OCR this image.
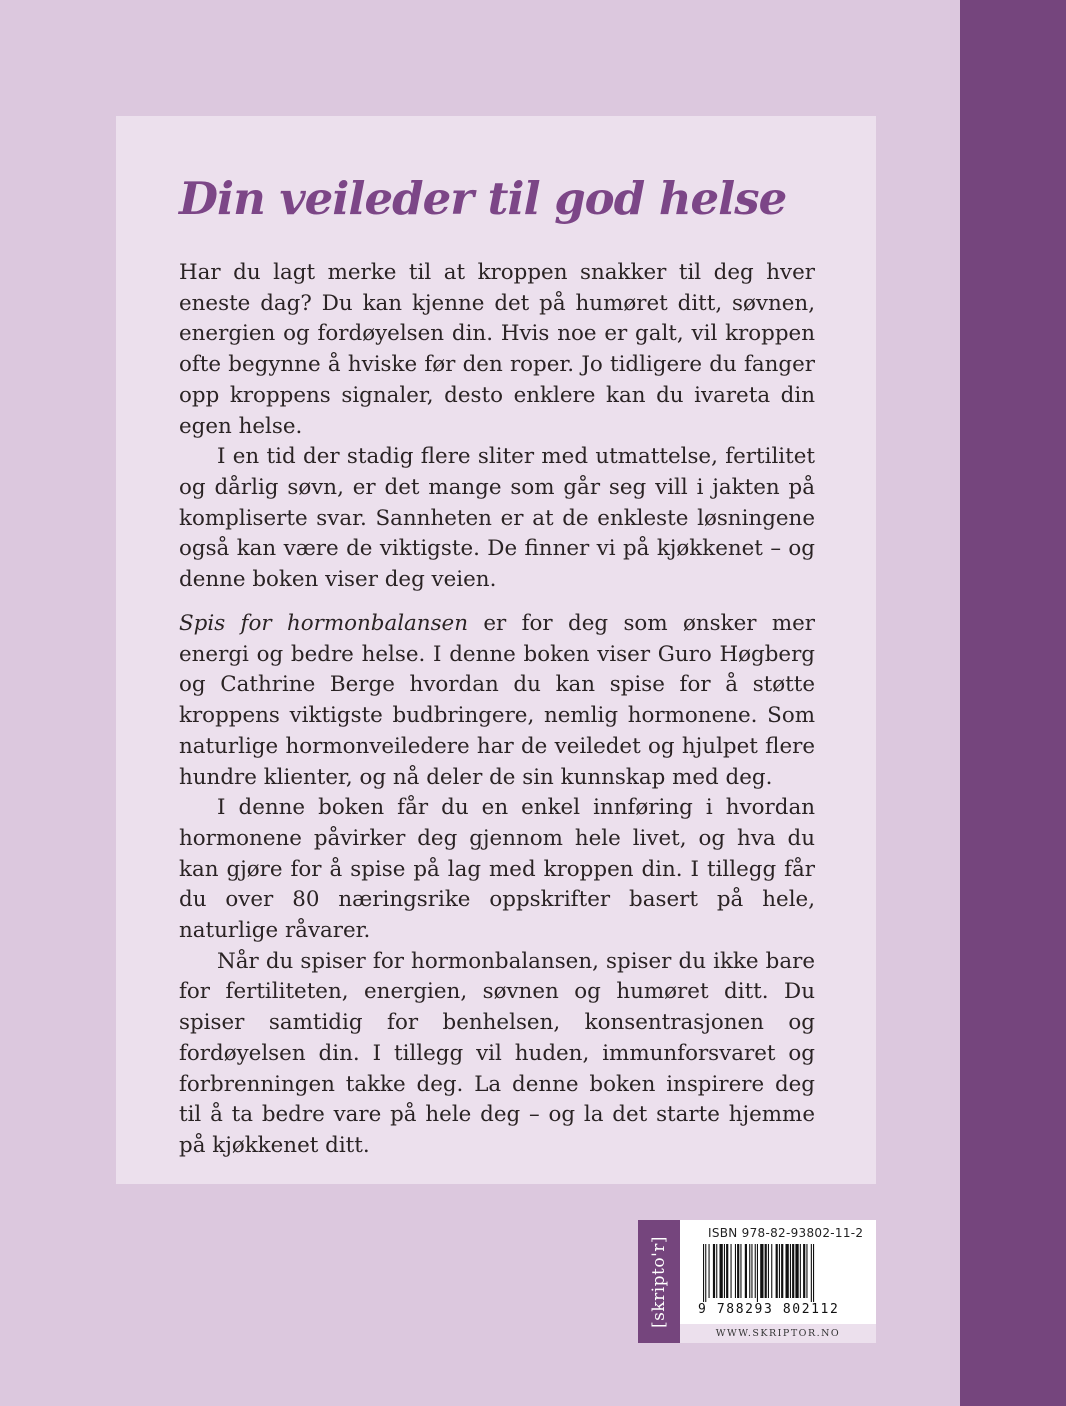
Din veileder til god helse

Har du lagt merke til at kroppen snakker til deg hver eneste dag? Du kan kjenne det på humøret ditt, søvnen, energien og fordøyelsen din. Hvis noe er galt, vil kroppen ofte begynne å hviske før den roper. Jo tidligere du fanger opp kroppens signaler, desto enklere kan du ivareta din egen helse.

I en tid der stadig flere sliter med utmattelse, fertilitet og dårlig søvn, er det mange som går seg vill i jakten på kompliserte svar. Sannheten er at de enkleste løsningene også kan være de viktigste. De finner vi på kjøkkenet – og denne boken viser deg veien.

Spis for hormonbalansen er for deg som ønsker mer energi og bedre helse. I denne boken viser Guro Høgberg og Cathrine Berge hvordan du kan spise for å støtte kroppens viktigste budbringere, nemlig hormonene. Som naturlige hormonveiledere har de veiledet og hjulpet flere hundre klienter, og nå deler de sin kunnskap med deg.

I denne boken får du en enkel innføring i hvordan hormonene påvirker deg gjennom hele livet, og hva du kan gjøre for å spise på lag med kroppen din. I tillegg får du over 80 næringsrike oppskrifter basert på hele, naturlige råvarer.

Når du spiser for hormonbalansen, spiser du ikke bare for fertiliteten, energien, søvnen og humøret ditt. Du spiser samtidig for benhelsen, konsentrasjonen og fordøyelsen din. I tillegg vil huden, immunforsvaret og forbrenningen takke deg. La denne boken inspirere deg til å ta bedre vare på hele deg – og la det starte hjemme på kjøkkenet ditt.

[skripto'r]
ISBN 978-82-93802-11-2
9 788293 802112
WWW.SKRIPTOR.NO
